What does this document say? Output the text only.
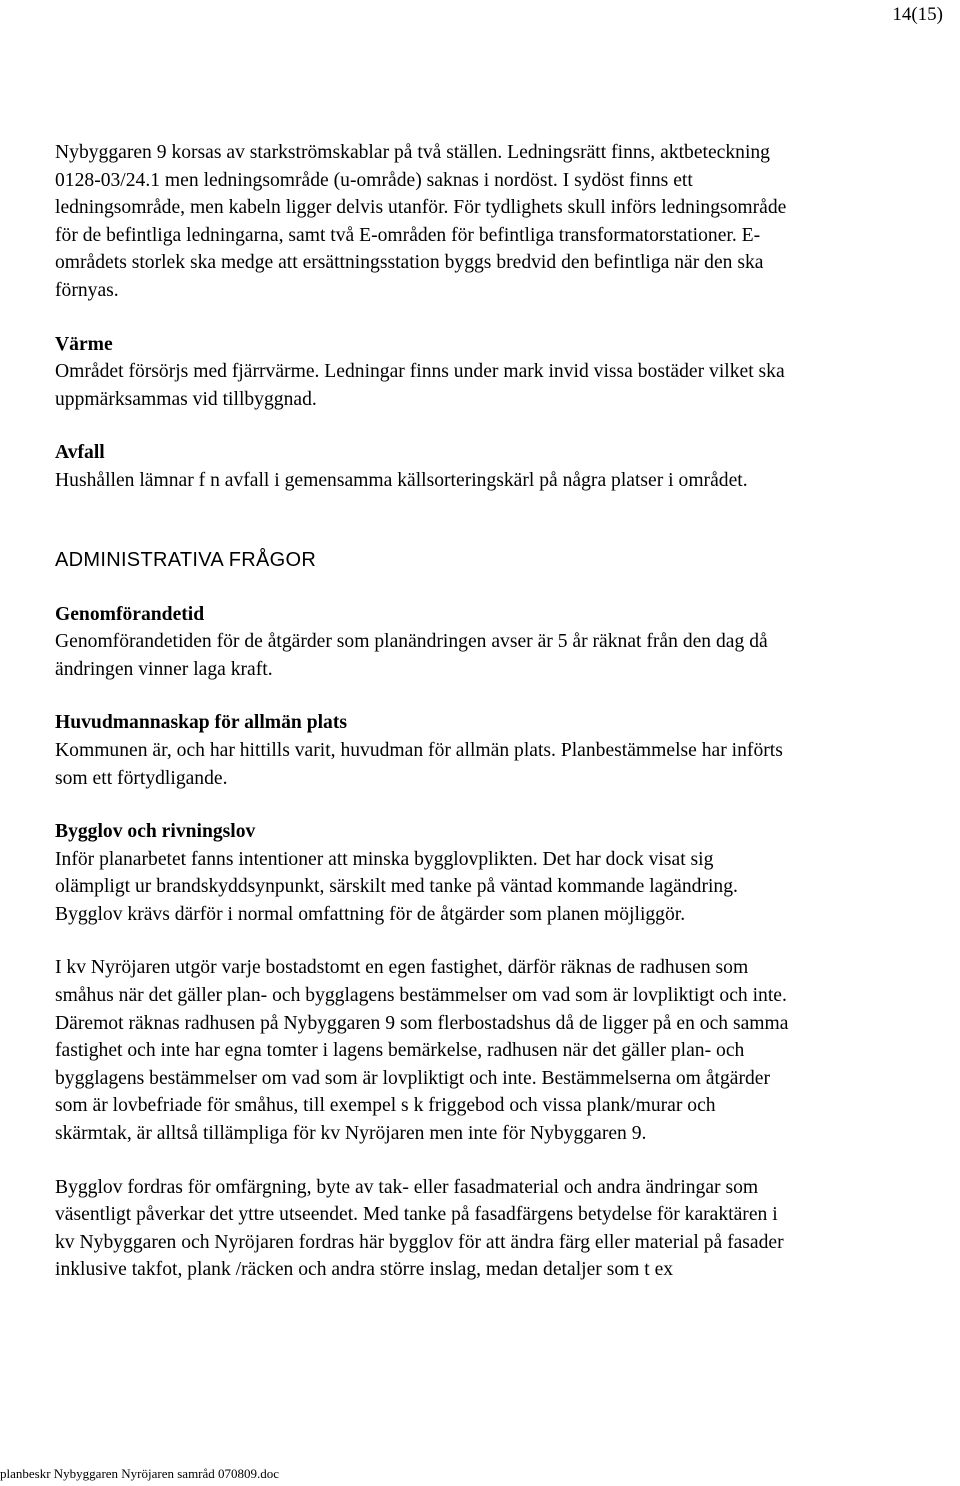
14(15)
Nybyggaren 9 korsas av starkströmskablar på två ställen. Ledningsrätt finns, aktbeteckning
0128-03/24.1 men ledningsområde (u-område) saknas i nordöst. I sydöst finns ett
ledningsområde, men kabeln ligger delvis utanför. För tydlighets skull införs ledningsområde
för de befintliga ledningarna, samt två E-områden för befintliga transformatorstationer. E-
områdets storlek ska medge att ersättningsstation byggs bredvid den befintliga när den ska
förnyas.
Värme
Området försörjs med fjärrvärme. Ledningar finns under mark invid vissa bostäder vilket ska
uppmärksammas vid tillbyggnad.
Avfall
Hushållen lämnar f n avfall i gemensamma källsorteringskärl på några platser i området.
ADMINISTRATIVA FRÅGOR
Genomförandetid
Genomförandetiden för de åtgärder som planändringen avser är 5 år räknat från den dag då
ändringen vinner laga kraft.
Huvudmannaskap för allmän plats
Kommunen är, och har hittills varit, huvudman för allmän plats. Planbestämmelse har införts
som ett förtydligande.
Bygglov och rivningslov
Inför planarbetet fanns intentioner att minska bygglovplikten. Det har dock visat sig
olämpligt ur brandskyddsynpunkt, särskilt med tanke på väntad kommande lagändring.
Bygglov krävs därför i normal omfattning för de åtgärder som planen möjliggör.
I kv Nyröjaren utgör varje bostadstomt en egen fastighet, därför räknas de radhusen som
småhus när det gäller plan- och bygglagens bestämmelser om vad som är lovpliktigt och inte.
Däremot räknas radhusen på Nybyggaren 9 som flerbostadshus då de ligger på en och samma
fastighet och inte har egna tomter i lagens bemärkelse, radhusen när det gäller plan- och
bygglagens bestämmelser om vad som är lovpliktigt och inte. Bestämmelserna om åtgärder
som är lovbefriade för småhus, till exempel s k friggebod och vissa plank/murar och
skärmtak, är alltså tillämpliga för kv Nyröjaren men inte för Nybyggaren 9.
Bygglov fordras för omfärgning, byte av tak- eller fasadmaterial och andra ändringar som
väsentligt påverkar det yttre utseendet. Med tanke på fasadfärgens betydelse för karaktären i
kv Nybyggaren och Nyröjaren fordras här bygglov för att ändra färg eller material på fasader
inklusive takfot, plank /räcken och andra större inslag, medan detaljer som t ex
planbeskr Nybyggaren Nyröjaren samråd 070809.doc
